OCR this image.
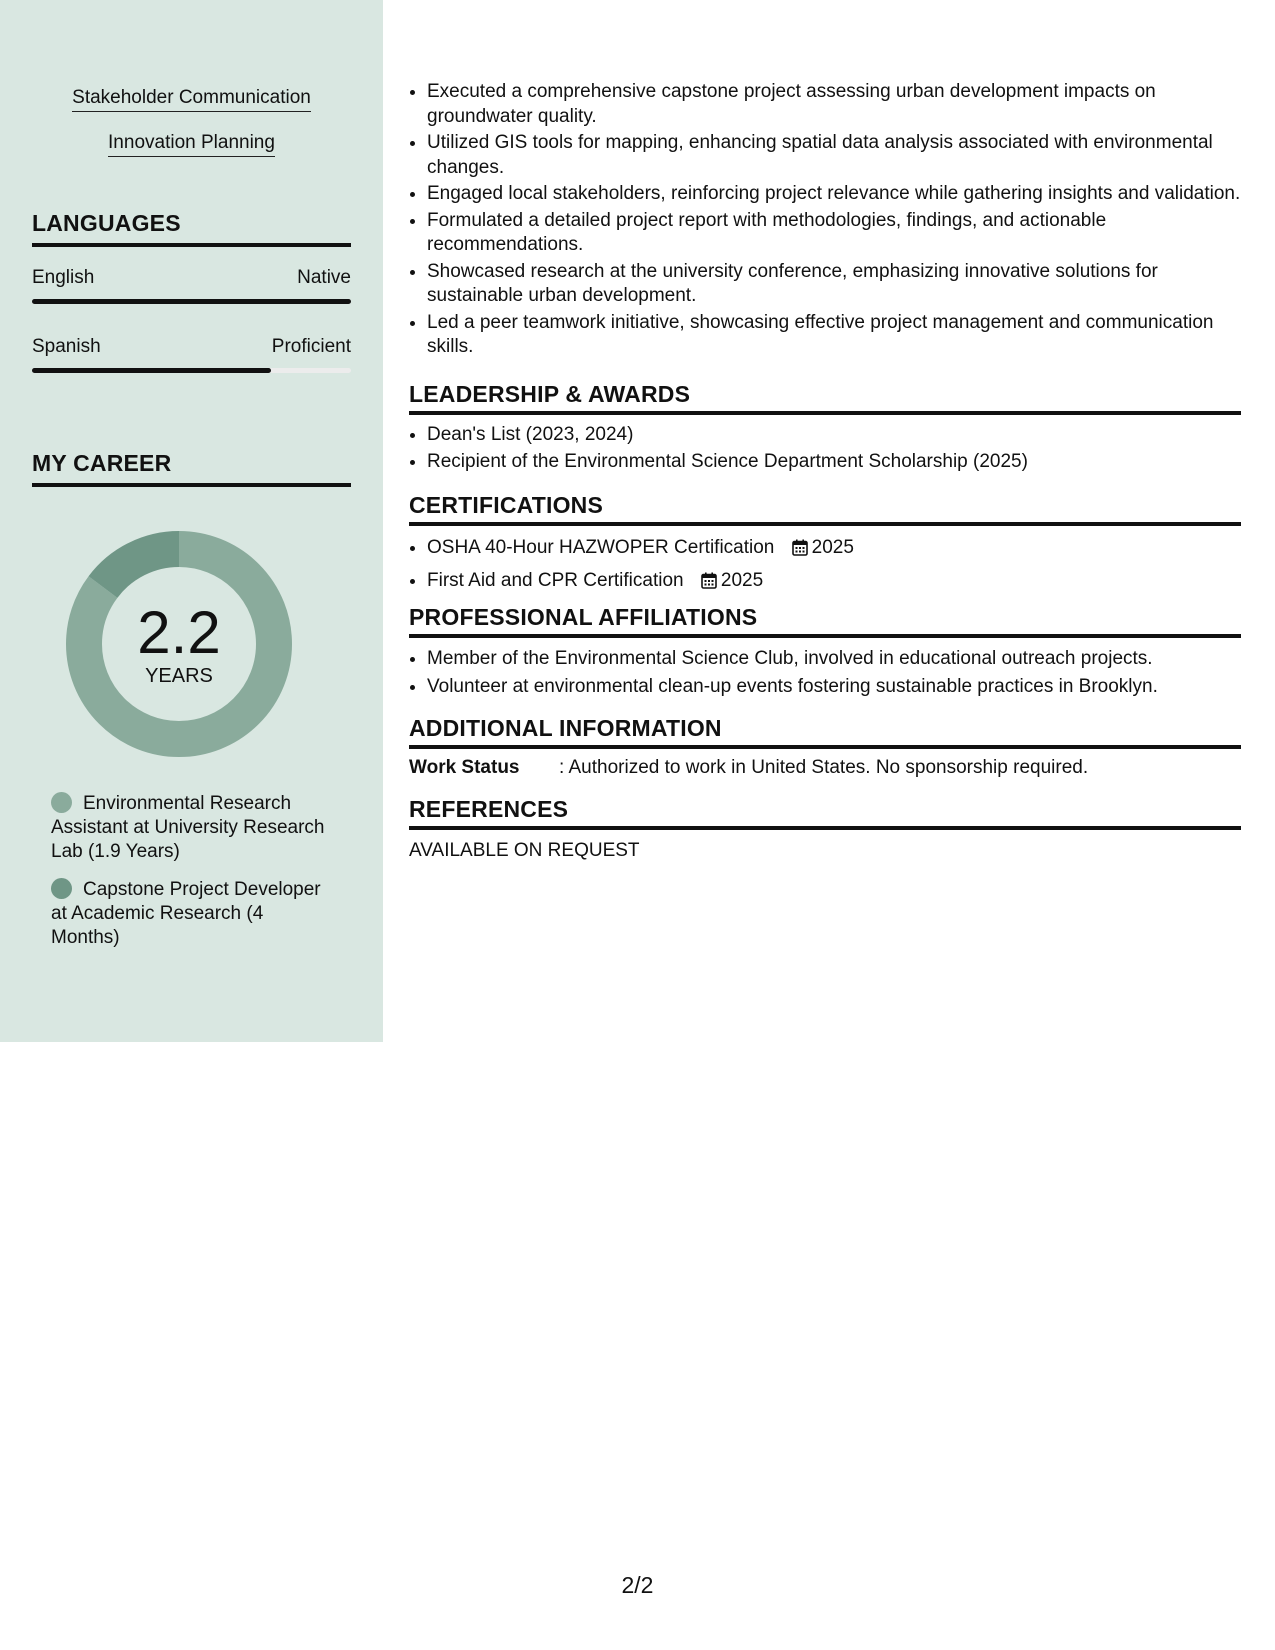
Stakeholder Communication
Innovation Planning
LANGUAGES
English	Native
Spanish	Proficient
MY CAREER
2.2
YEARS
Environmental Research Assistant at University Research Lab (1.9 Years)
Capstone Project Developer at Academic Research (4 Months)
• Executed a comprehensive capstone project assessing urban development impacts on groundwater quality.
• Utilized GIS tools for mapping, enhancing spatial data analysis associated with environmental changes.
• Engaged local stakeholders, reinforcing project relevance while gathering insights and validation.
• Formulated a detailed project report with methodologies, findings, and actionable recommendations.
• Showcased research at the university conference, emphasizing innovative solutions for sustainable urban development.
• Led a peer teamwork initiative, showcasing effective project management and communication skills.
LEADERSHIP & AWARDS
• Dean's List (2023, 2024)
• Recipient of the Environmental Science Department Scholarship (2025)
CERTIFICATIONS
• OSHA 40-Hour HAZWOPER Certification 2025
• First Aid and CPR Certification 2025
PROFESSIONAL AFFILIATIONS
• Member of the Environmental Science Club, involved in educational outreach projects.
• Volunteer at environmental clean-up events fostering sustainable practices in Brooklyn.
ADDITIONAL INFORMATION
Work Status : Authorized to work in United States. No sponsorship required.
REFERENCES
AVAILABLE ON REQUEST
2/2
